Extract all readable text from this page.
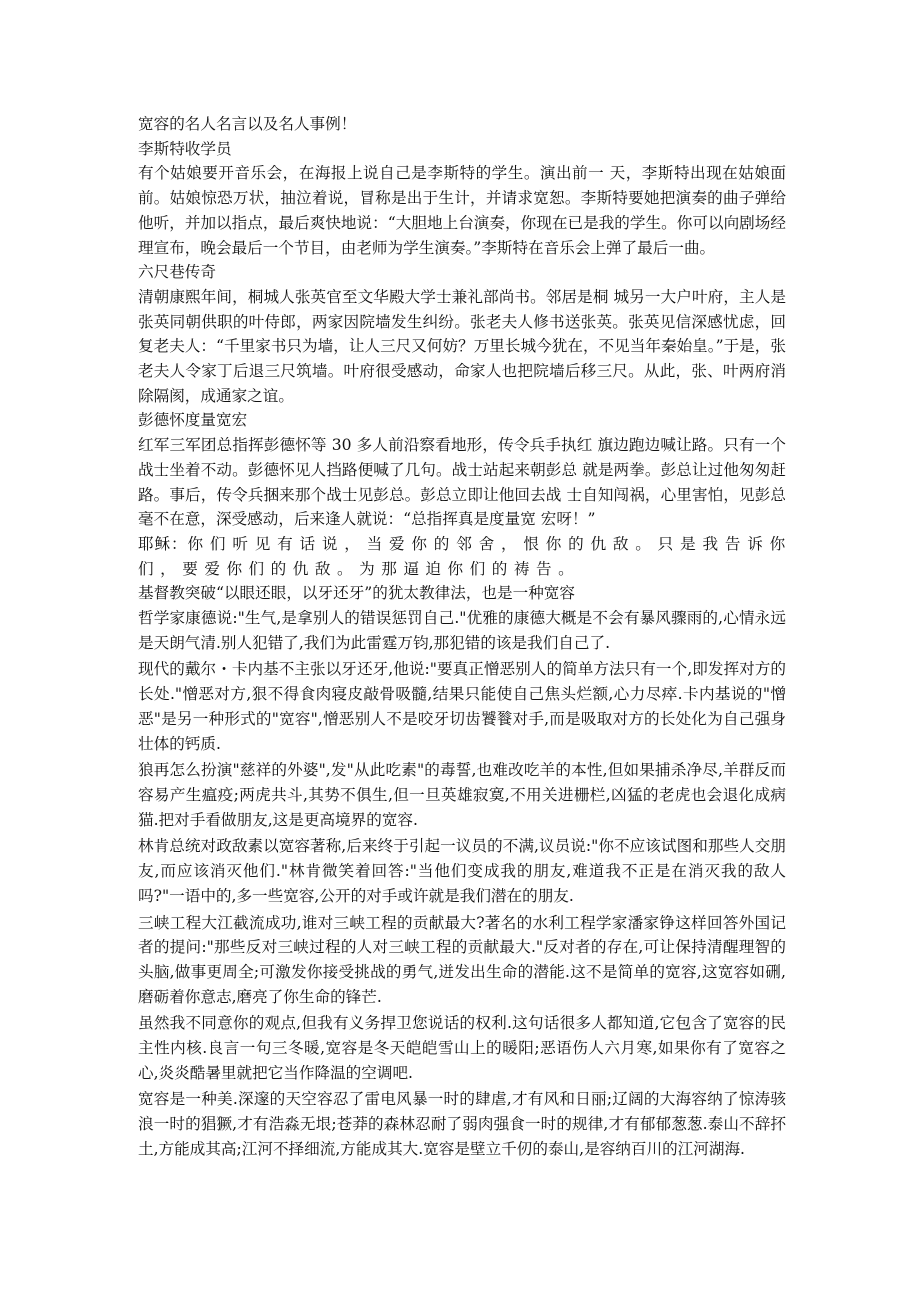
宽容的名人名言以及名人事例！
李斯特收学员

有个姑娘要开音乐会，在海报上说自己是李斯特的学生。演出前一 天，李斯特出现在姑娘面前。姑娘惊恐万状，抽泣着说，冒称是出于生计，并请求宽恕。李斯特要她把演奏的曲子弹给他听，并加以指点，最后爽快地说：“大胆地上台演奏，你现在已是我的学生。你可以向剧场经理宣布，晚会最后一个节目，由老师为学生演奏。”李斯特在音乐会上弹了最后一曲。

六尺巷传奇

清朝康熙年间，桐城人张英官至文华殿大学士兼礼部尚书。邻居是桐 城另一大户叶府，主人是张英同朝供职的叶侍郎，两家因院墙发生纠纷。张老夫人修书送张英。张英见信深感忧虑，回复老夫人：“千里家书只为墙，让人三尺又何妨？万里长城今犹在，不见当年秦始皇。”于是，张老夫人令家丁后退三尺筑墙。叶府很受感动，命家人也把院墙后移三尺。从此，张、叶两府消除隔阂，成通家之谊。

彭德怀度量宽宏

红军三军团总指挥彭德怀等 30 多人前沿察看地形，传令兵手执红 旗边跑边喊让路。只有一个战士坐着不动。彭德怀见人挡路便喊了几句。战士站起来朝彭总 就是两拳。彭总让过他匆匆赶路。事后，传令兵捆来那个战士见彭总。彭总立即让他回去战 士自知闯祸，心里害怕，见彭总毫不在意，深受感动，后来逢人就说：“总指挥真是度量宽 宏呀！”

耶稣：你 们 听 见 有 话 说 ， 当 爱 你 的 邻 舍 ， 恨 你 的 仇 敌 。 只 是 我 告 诉 你 们 ， 要 爱 你 们 的 仇 敌 。 为 那 逼 迫 你 们 的 祷 告 。

基督教突破“以眼还眼，以牙还牙”的犹太教律法，也是一种宽容

哲学家康德说:"生气,是拿别人的错误惩罚自己."优雅的康德大概是不会有暴风骤雨的,心情永远是天朗气清.别人犯错了,我们为此雷霆万钧,那犯错的该是我们自己了.

现代的戴尔・卡内基不主张以牙还牙,他说:"要真正憎恶别人的简单方法只有一个,即发挥对方的长处."憎恶对方,狠不得食肉寝皮敲骨吸髓,结果只能使自己焦头烂额,心力尽瘁.卡内基说的"憎恶"是另一种形式的"宽容",憎恶别人不是咬牙切齿饕餮对手,而是吸取对方的长处化为自己强身壮体的钙质.

狼再怎么扮演"慈祥的外婆",发"从此吃素"的毒誓,也难改吃羊的本性,但如果捕杀净尽,羊群反而容易产生瘟疫;两虎共斗,其势不俱生,但一旦英雄寂寞,不用关进栅栏,凶猛的老虎也会退化成病猫.把对手看做朋友,这是更高境界的宽容.

林肯总统对政敌素以宽容著称,后来终于引起一议员的不满,议员说:"你不应该试图和那些人交朋友,而应该消灭他们."林肯微笑着回答:"当他们变成我的朋友,难道我不正是在消灭我的敌人吗?"一语中的,多一些宽容,公开的对手或许就是我们潜在的朋友.

三峡工程大江截流成功,谁对三峡工程的贡献最大?著名的水利工程学家潘家铮这样回答外国记者的提问:"那些反对三峡过程的人对三峡工程的贡献最大."反对者的存在,可让保持清醒理智的头脑,做事更周全;可激发你接受挑战的勇气,迸发出生命的潜能.这不是简单的宽容,这宽容如硎,磨砺着你意志,磨亮了你生命的锋芒.

虽然我不同意你的观点,但我有义务捍卫您说话的权利.这句话很多人都知道,它包含了宽容的民主性内核.良言一句三冬暖,宽容是冬天皑皑雪山上的暖阳;恶语伤人六月寒,如果你有了宽容之心,炎炎酷暑里就把它当作降温的空调吧.

宽容是一种美.深邃的天空容忍了雷电风暴一时的肆虐,才有风和日丽;辽阔的大海容纳了惊涛骇浪一时的猖獗,才有浩淼无垠;苍莽的森林忍耐了弱肉强食一时的规律,才有郁郁葱葱.泰山不辞抔土,方能成其高;江河不择细流,方能成其大.宽容是壁立千仞的泰山,是容纳百川的江河湖海.
